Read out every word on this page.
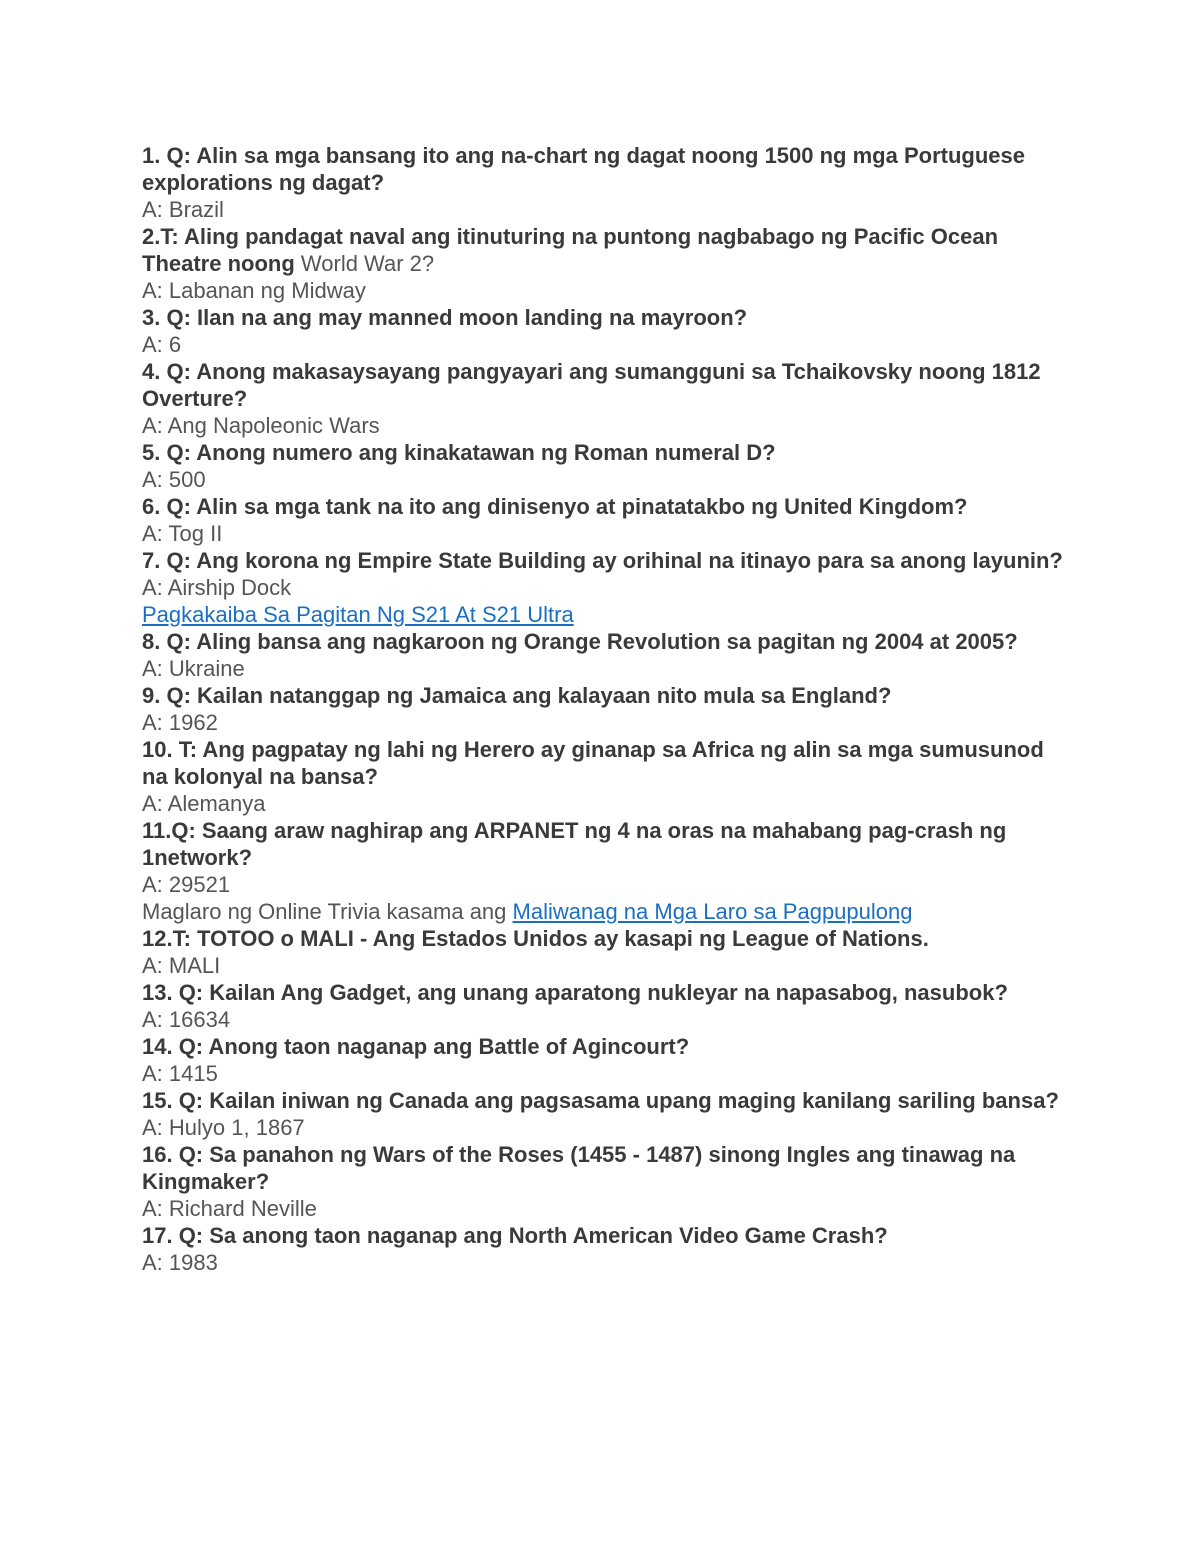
1. Q: Alin sa mga bansang ito ang na-chart ng dagat noong 1500 ng mga Portuguese explorations ng dagat?
A: Brazil
2.T: Aling pandagat naval ang itinuturing na puntong nagbabago ng Pacific Ocean Theatre noong World War 2?
A: Labanan ng Midway
3. Q: Ilan na ang may manned moon landing na mayroon?
A: 6
4. Q: Anong makasaysayang pangyayari ang sumangguni sa Tchaikovsky noong 1812 Overture?
A: Ang Napoleonic Wars
5. Q: Anong numero ang kinakatawan ng Roman numeral D?
A: 500
6. Q: Alin sa mga tank na ito ang dinisenyo at pinatatakbo ng United Kingdom?
A: Tog II
7. Q: Ang korona ng Empire State Building ay orihinal na itinayo para sa anong layunin?
A: Airship Dock
Pagkakaiba Sa Pagitan Ng S21 At S21 Ultra
8. Q: Aling bansa ang nagkaroon ng Orange Revolution sa pagitan ng 2004 at 2005?
A: Ukraine
9. Q: Kailan natanggap ng Jamaica ang kalayaan nito mula sa England?
A: 1962
10. T: Ang pagpatay ng lahi ng Herero ay ginanap sa Africa ng alin sa mga sumusunod na kolonyal na bansa?
A: Alemanya
11.Q: Saang araw naghirap ang ARPANET ng 4 na oras na mahabang pag-crash ng 1network?
A: 29521
Maglaro ng Online Trivia kasama ang Maliwanag na Mga Laro sa Pagpupulong
12.T: TOTOO o MALI - Ang Estados Unidos ay kasapi ng League of Nations.
A: MALI
13. Q: Kailan Ang Gadget, ang unang aparatong nukleyar na napasabog, nasubok?
A: 16634
14. Q: Anong taon naganap ang Battle of Agincourt?
A: 1415
15. Q: Kailan iniwan ng Canada ang pagsasama upang maging kanilang sariling bansa?
A: Hulyo 1, 1867
16. Q: Sa panahon ng Wars of the Roses (1455 - 1487) sinong Ingles ang tinawag na Kingmaker?
A: Richard Neville
17. Q: Sa anong taon naganap ang North American Video Game Crash?
A: 1983
